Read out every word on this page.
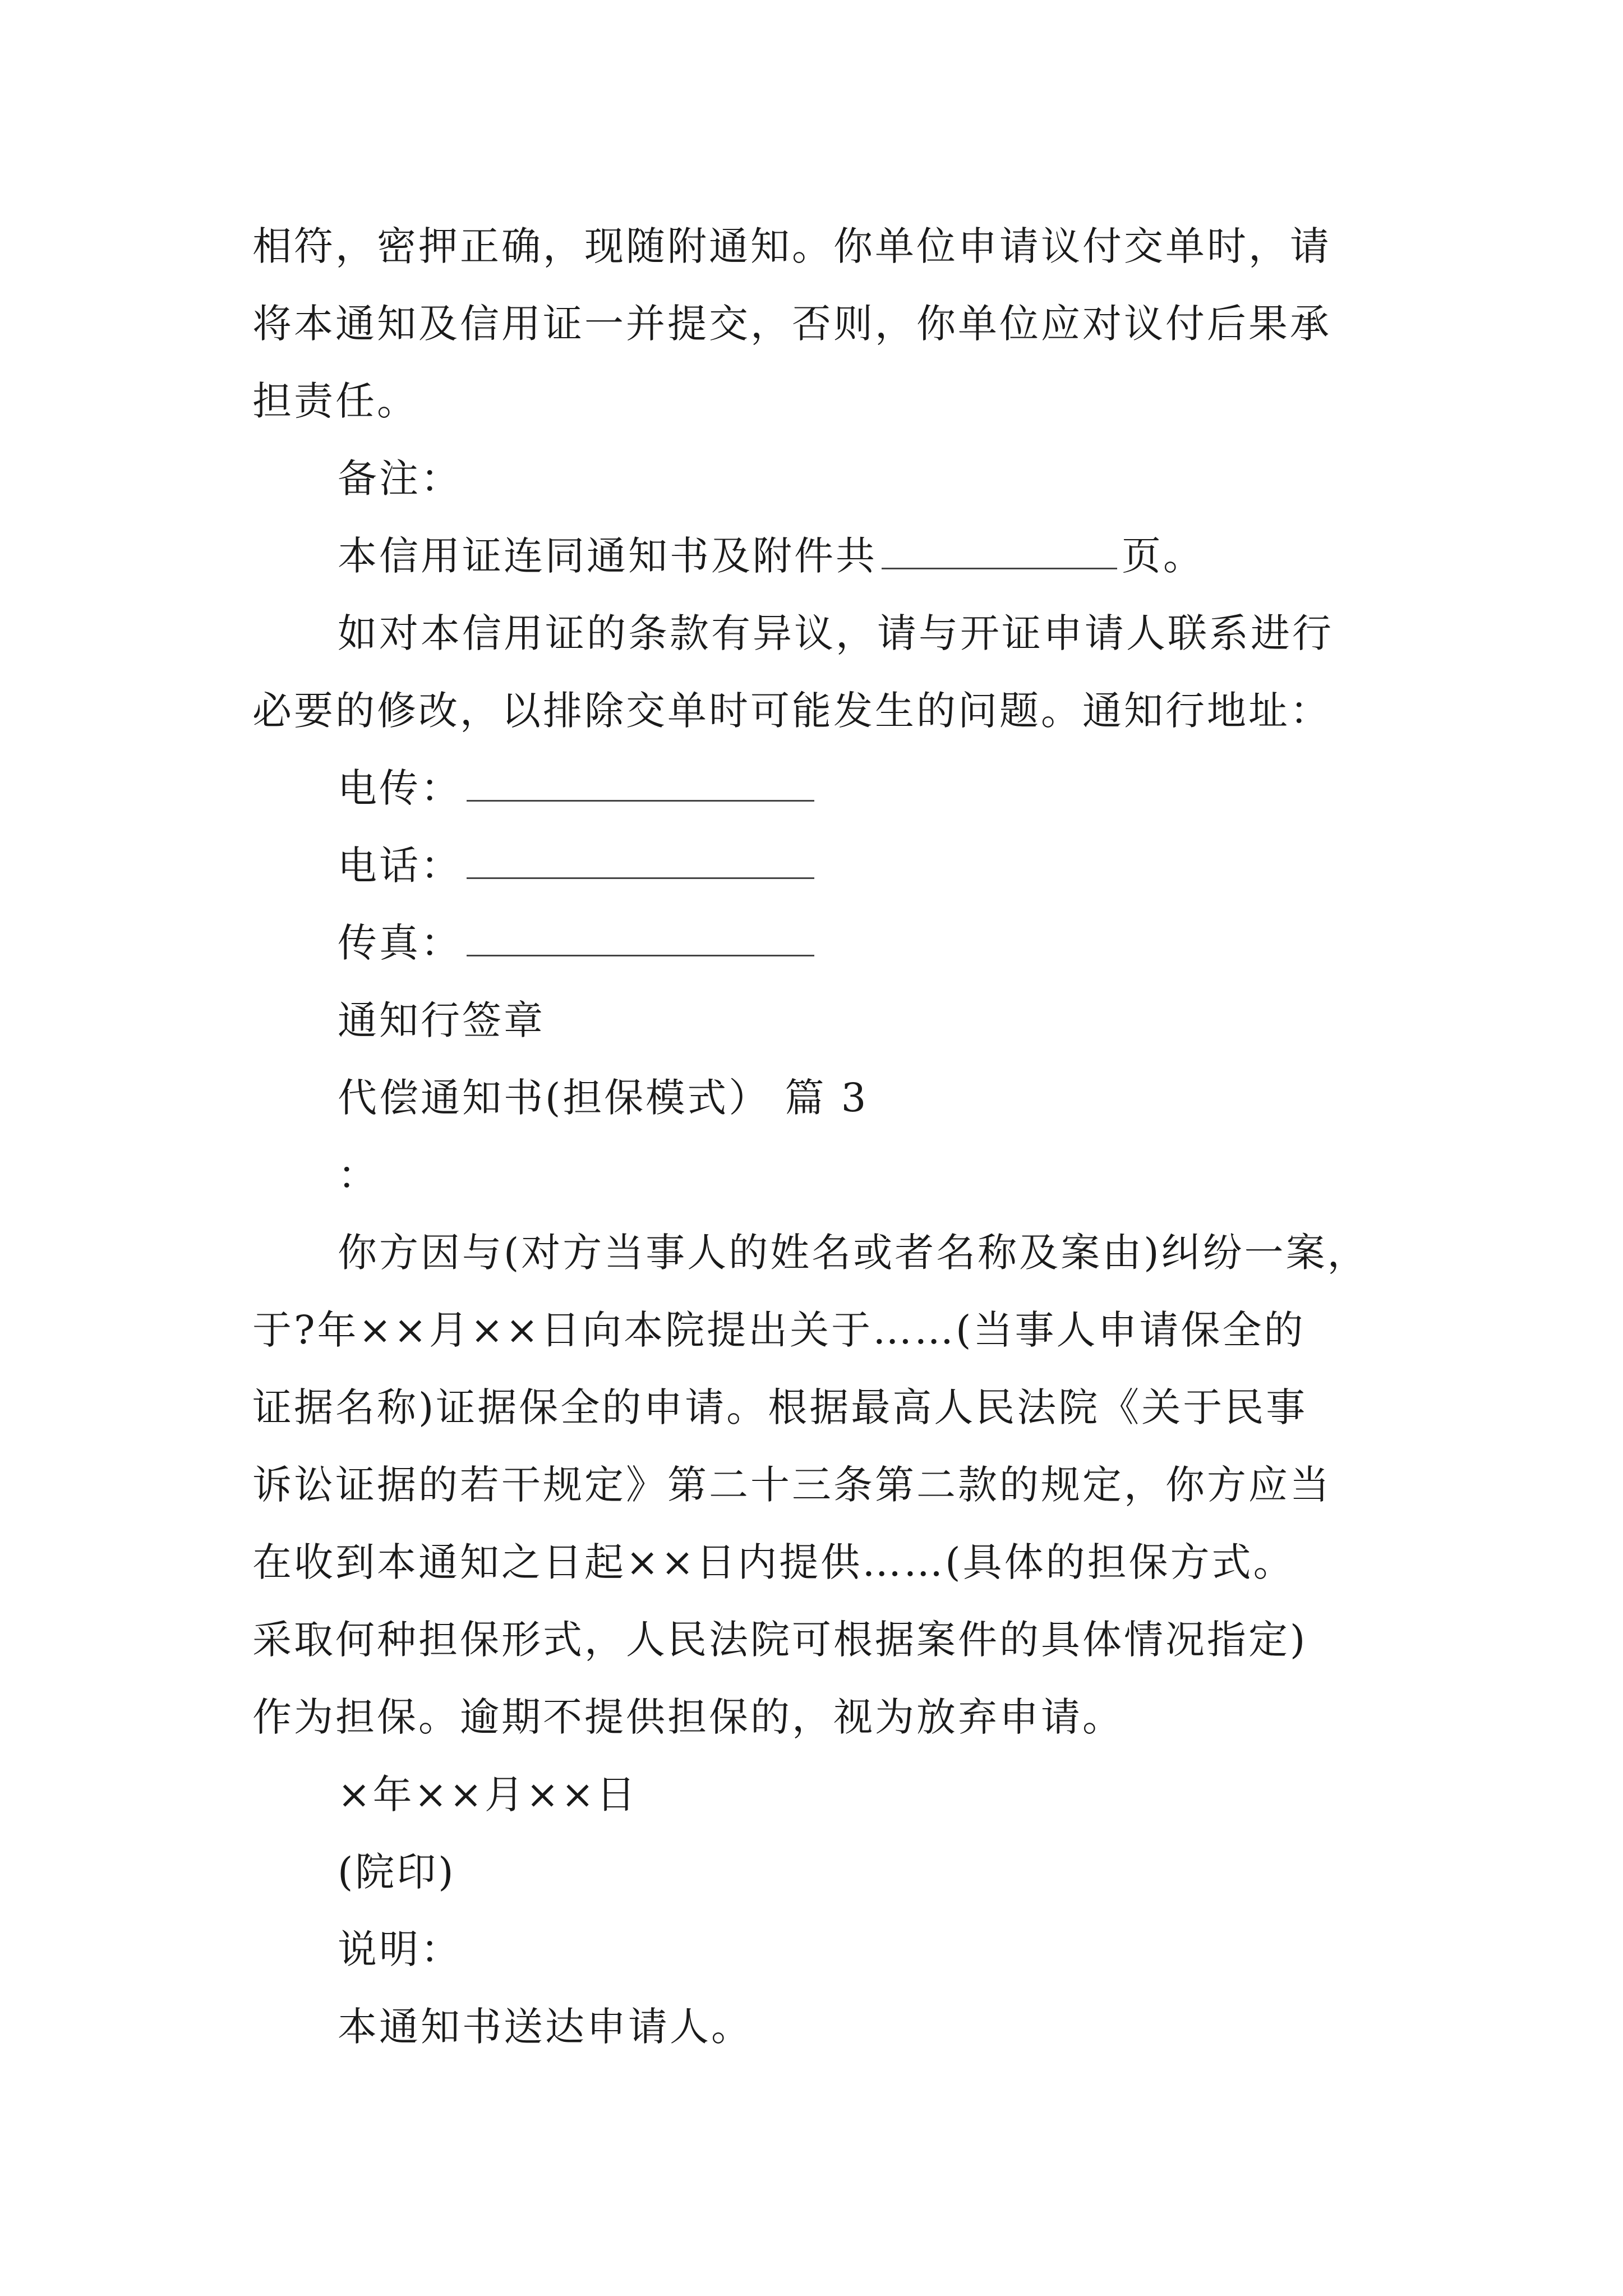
相符，密押正确，现随附通知。你单位申请议付交单时，请
将本通知及信用证一并提交，否则，你单位应对议付后果承
担责任。
备注：
本信用证连同通知书及附件共	页。
如对本信用证的条款有异议，请与开证申请人联系进行
必要的修改，以排除交单时可能发生的问题。通知行地址：
电传：
电话：
传真：
通知行签章
代偿通知书(担保模式） 篇 3
：
你方因与(对方当事人的姓名或者名称及案由)纠纷一案，
于?年××月××日向本院提出关于……(当事人申请保全的
证据名称)证据保全的申请。根据最高人民法院《关于民事
诉讼证据的若干规定》第二十三条第二款的规定，你方应当
在收到本通知之日起××日内提供……(具体的担保方式。
采取何种担保形式，人民法院可根据案件的具体情况指定)
作为担保。逾期不提供担保的，视为放弃申请。
×年××月××日
(院印)
说明：
本通知书送达申请人。
